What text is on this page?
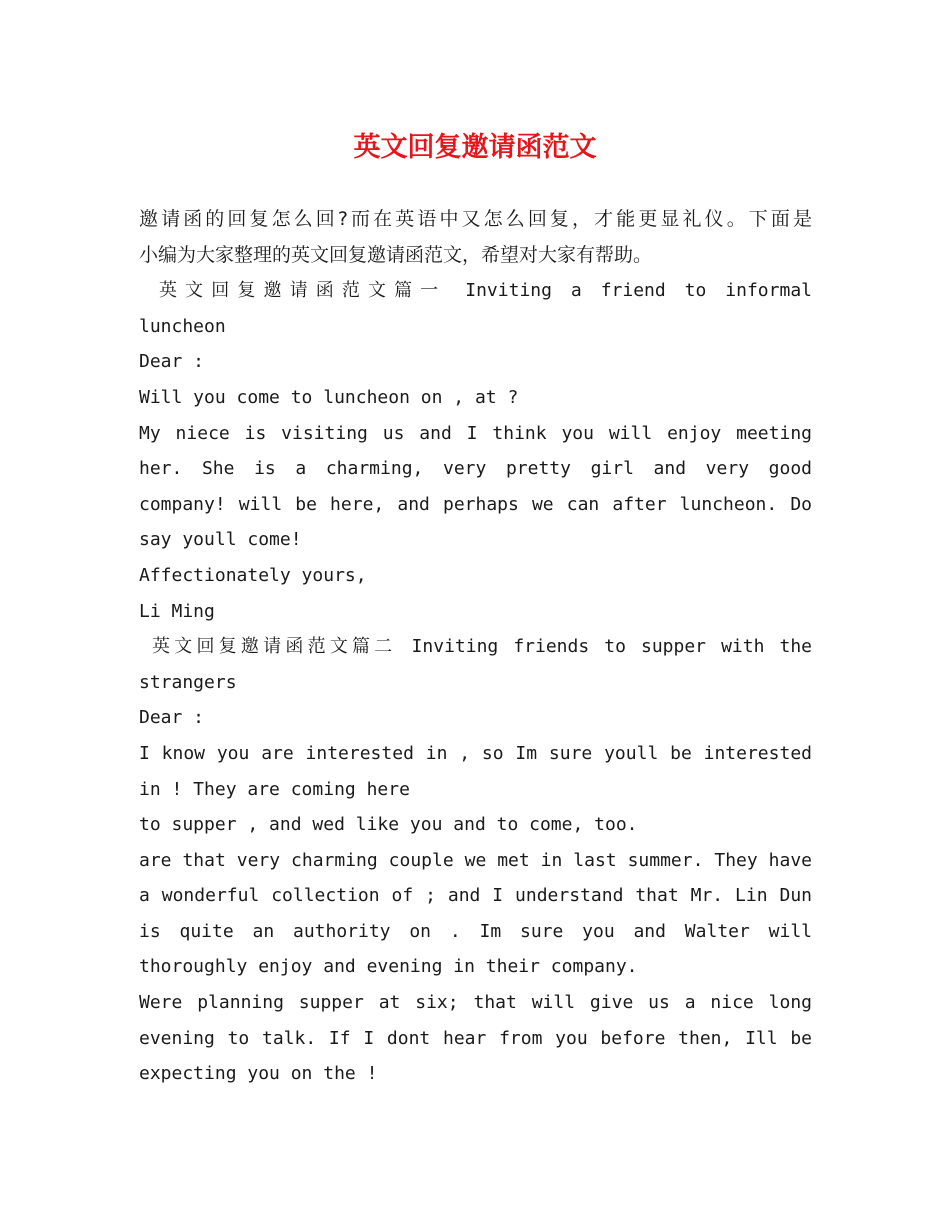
英文回复邀请函范文
邀请函的回复怎么回?而在英语中又怎么回复，才能更显礼仪。下面是
小编为大家整理的英文回复邀请函范文，希望对大家有帮助。
英文回复邀请函范文篇一 Inviting a friend to informal
luncheon
Dear :
Will you come to luncheon on , at ?
My niece is visiting us and I think you will enjoy meeting
her. She is a charming, very pretty girl and very good
company! will be here, and perhaps we can after luncheon. Do
say youll come!
Affectionately yours,
Li Ming
英文回复邀请函范文篇二 Inviting friends to supper with the
strangers
Dear :
I know you are interested in , so Im sure youll be interested
in ! They are coming here
to supper , and wed like you and to come, too.
are that very charming couple we met in last summer. They have
a wonderful collection of ; and I understand that Mr. Lin Dun
is quite an authority on . Im sure you and Walter will
thoroughly enjoy and evening in their company.
Were planning supper at six; that will give us a nice long
evening to talk. If I dont hear from you before then, Ill be
expecting you on the !
